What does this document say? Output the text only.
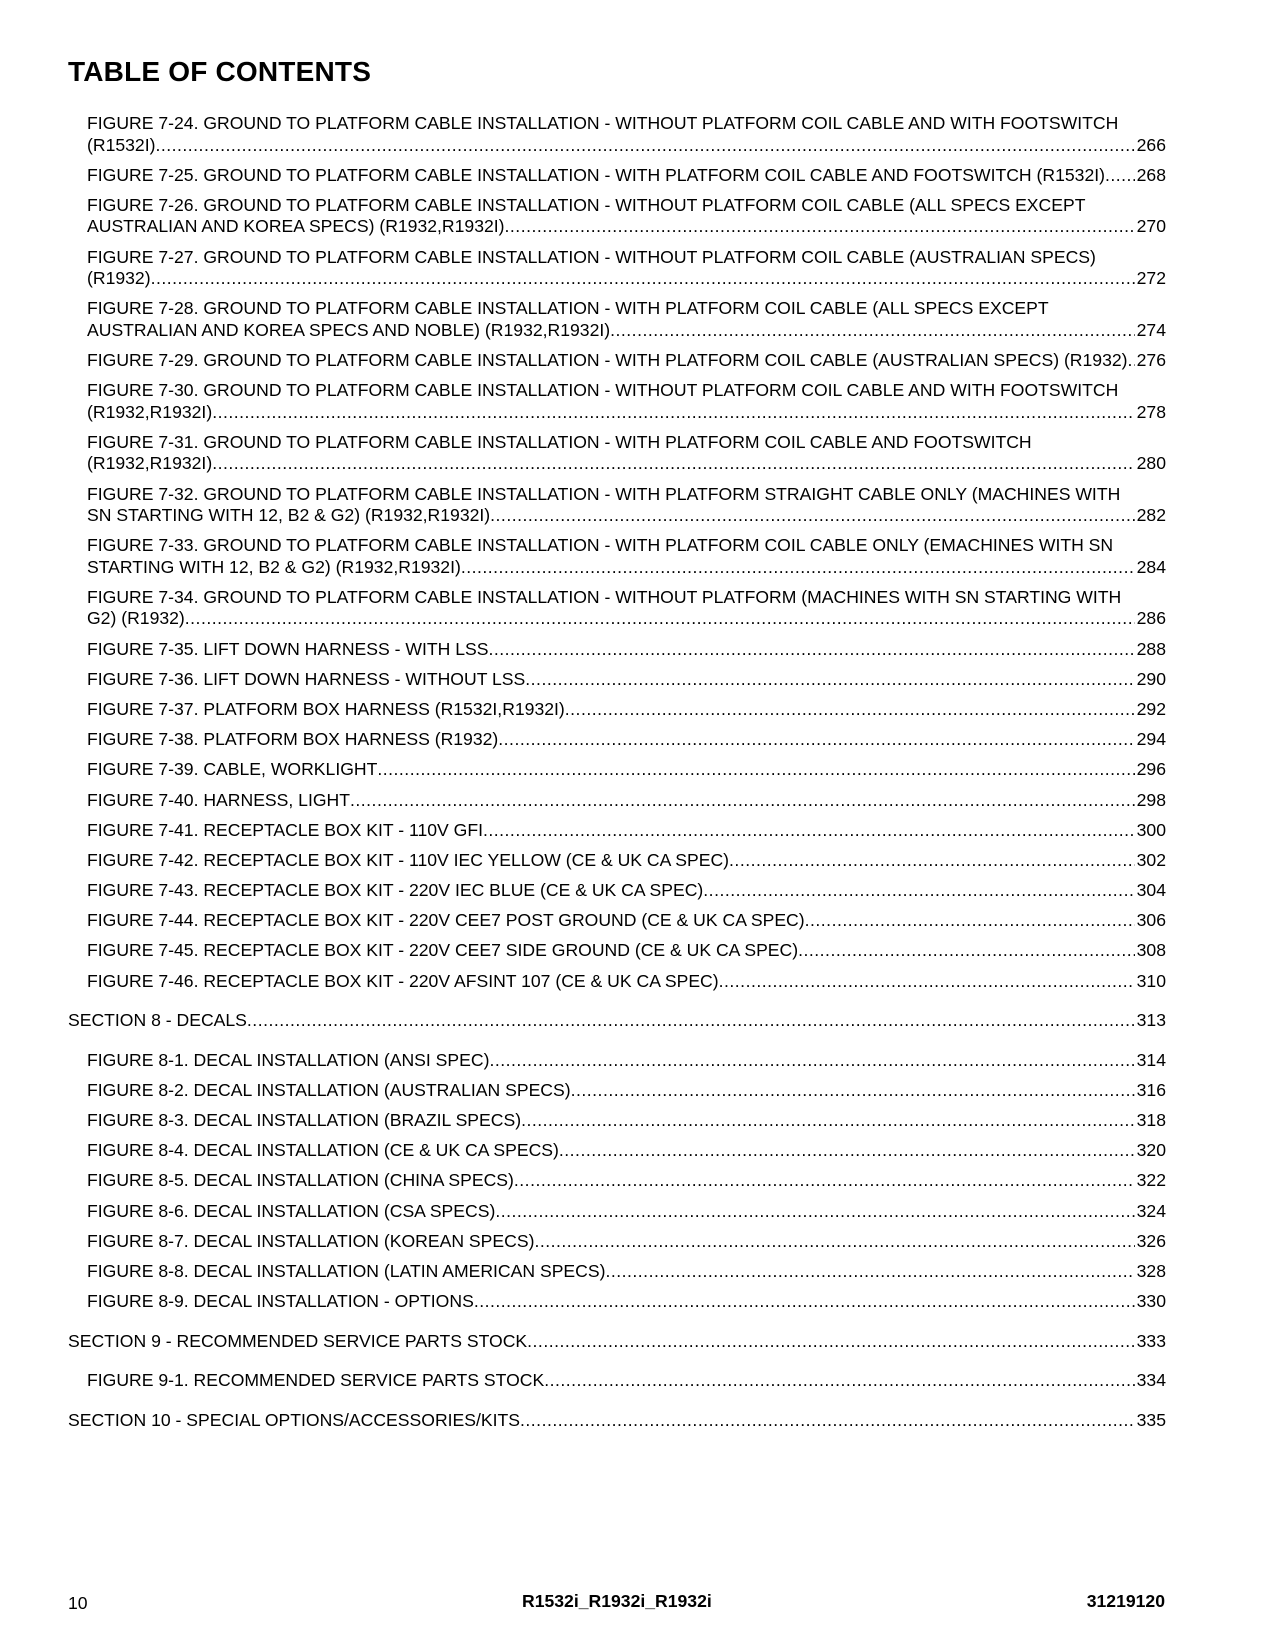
TABLE OF CONTENTS
FIGURE 7-24. GROUND TO PLATFORM CABLE INSTALLATION - WITHOUT PLATFORM COIL CABLE AND WITH FOOTSWITCH (R1532I) .....	266
FIGURE 7-25. GROUND TO PLATFORM CABLE INSTALLATION - WITH PLATFORM COIL CABLE AND FOOTSWITCH (R1532I) .....	268
FIGURE 7-26. GROUND TO PLATFORM CABLE INSTALLATION - WITHOUT PLATFORM COIL CABLE (ALL SPECS EXCEPT AUSTRALIAN AND KOREA SPECS) (R1932,R1932I) .....	270
FIGURE 7-27. GROUND TO PLATFORM CABLE INSTALLATION - WITHOUT PLATFORM COIL CABLE (AUSTRALIAN SPECS) (R1932) .....	272
FIGURE 7-28. GROUND TO PLATFORM CABLE INSTALLATION - WITH PLATFORM COIL CABLE (ALL SPECS EXCEPT AUSTRALIAN AND KOREA SPECS AND NOBLE) (R1932,R1932I) .....	274
FIGURE 7-29. GROUND TO PLATFORM CABLE INSTALLATION - WITH PLATFORM COIL CABLE (AUSTRALIAN SPECS) (R1932) ..... 276
FIGURE 7-30. GROUND TO PLATFORM CABLE INSTALLATION - WITHOUT PLATFORM COIL CABLE AND WITH FOOTSWITCH (R1932,R1932I) .....	278
FIGURE 7-31. GROUND TO PLATFORM CABLE INSTALLATION - WITH PLATFORM COIL CABLE AND FOOTSWITCH (R1932,R1932I) .....	280
FIGURE 7-32. GROUND TO PLATFORM CABLE INSTALLATION - WITH PLATFORM STRAIGHT CABLE ONLY (MACHINES WITH SN STARTING WITH 12, B2 & G2) (R1932,R1932I) .....	282
FIGURE 7-33. GROUND TO PLATFORM CABLE INSTALLATION - WITH PLATFORM COIL CABLE ONLY (EMACHINES WITH SN STARTING WITH 12, B2 & G2) (R1932,R1932I) .....	284
FIGURE 7-34. GROUND TO PLATFORM CABLE INSTALLATION - WITHOUT PLATFORM (MACHINES WITH SN STARTING WITH G2) (R1932) .....	286
FIGURE 7-35. LIFT DOWN HARNESS - WITH LSS .....	288
FIGURE 7-36. LIFT DOWN HARNESS - WITHOUT LSS .....	290
FIGURE 7-37. PLATFORM BOX HARNESS (R1532I,R1932I) .....	292
FIGURE 7-38. PLATFORM BOX HARNESS (R1932) .....	294
FIGURE 7-39. CABLE, WORKLIGHT .....	296
FIGURE 7-40. HARNESS, LIGHT .....	298
FIGURE 7-41. RECEPTACLE BOX KIT - 110V GFI .....	300
FIGURE 7-42. RECEPTACLE BOX KIT - 110V IEC YELLOW (CE & UK CA SPEC) .....	302
FIGURE 7-43. RECEPTACLE BOX KIT - 220V IEC BLUE (CE & UK CA SPEC) .....	304
FIGURE 7-44. RECEPTACLE BOX KIT - 220V CEE7 POST GROUND (CE & UK CA SPEC) .....	306
FIGURE 7-45. RECEPTACLE BOX KIT - 220V CEE7 SIDE GROUND (CE & UK CA SPEC) .....	308
FIGURE 7-46. RECEPTACLE BOX KIT - 220V AFSINT 107 (CE & UK CA SPEC) .....	310
SECTION 8 - DECALS .....	313
FIGURE 8-1. DECAL INSTALLATION (ANSI SPEC) .....	314
FIGURE 8-2. DECAL INSTALLATION (AUSTRALIAN SPECS) .....	316
FIGURE 8-3. DECAL INSTALLATION (BRAZIL SPECS) .....	318
FIGURE 8-4. DECAL INSTALLATION (CE & UK CA SPECS) .....	320
FIGURE 8-5. DECAL INSTALLATION (CHINA SPECS) .....	322
FIGURE 8-6. DECAL INSTALLATION (CSA SPECS) .....	324
FIGURE 8-7. DECAL INSTALLATION (KOREAN SPECS) .....	326
FIGURE 8-8. DECAL INSTALLATION (LATIN AMERICAN SPECS) .....	328
FIGURE 8-9. DECAL INSTALLATION - OPTIONS .....	330
SECTION 9 - RECOMMENDED SERVICE PARTS STOCK .....	333
FIGURE 9-1. RECOMMENDED SERVICE PARTS STOCK .....	334
SECTION 10 - SPECIAL OPTIONS/ACCESSORIES/KITS .....	335
10	R1532i_R1932i_R1932i	31219120
